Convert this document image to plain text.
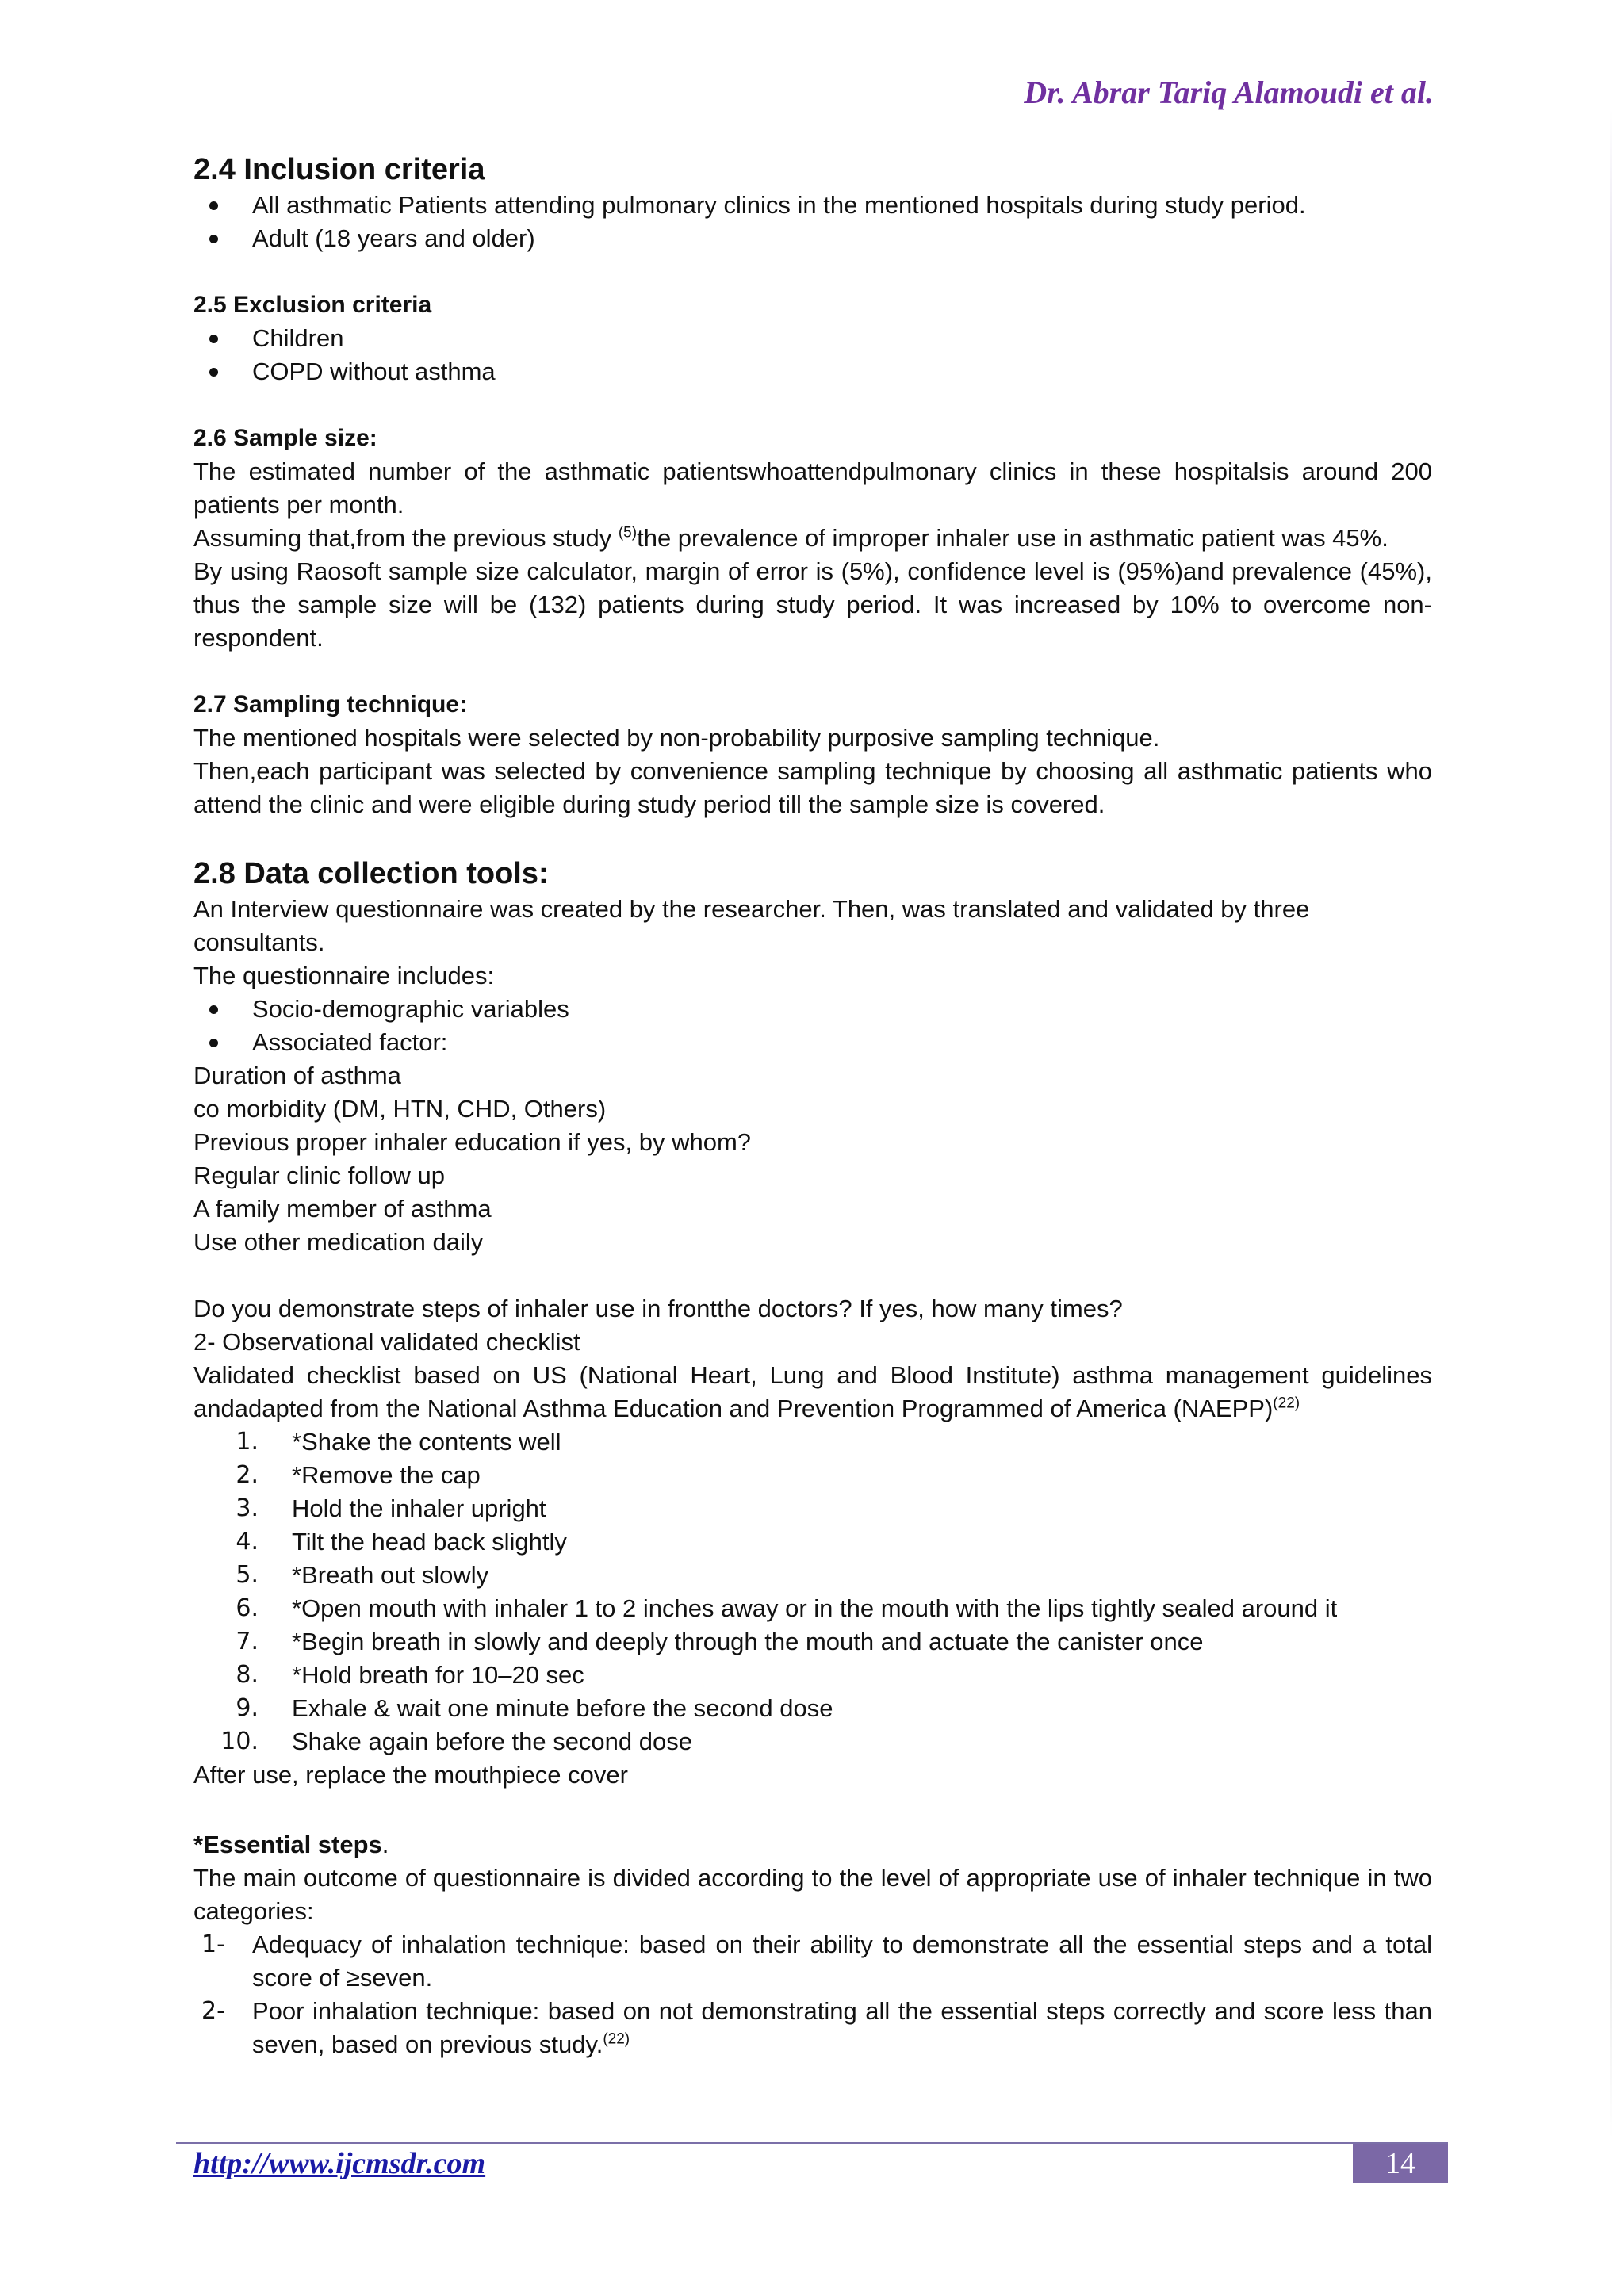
Dr. Abrar Tariq Alamoudi et al.
2.4 Inclusion criteria
All asthmatic Patients attending pulmonary clinics in the mentioned hospitals during study period.
Adult (18 years and older)
2.5 Exclusion criteria
Children
COPD without asthma
2.6 Sample size:

The estimated number of the asthmatic patientswhoattendpulmonary clinics in these hospitalsis around 200 patients per month.

Assuming that,from the previous study $^{(5)}$the prevalence of improper inhaler use in asthmatic patient was 45%.

By using Raosoft sample size calculator, margin of error is (5%), confidence level is (95%)and prevalence (45%), thus the sample size will be (132) patients during study period. It was increased by 10% to overcome non-respondent.

2.7 Sampling technique:

The mentioned hospitals were selected by non-probability purposive sampling technique.

Then,each participant was selected by convenience sampling technique by choosing all asthmatic patients who attend the clinic and were eligible during study period till the sample size is covered.

2.8 Data collection tools:

An Interview questionnaire was created by the researcher. Then, was translated and validated by three consultants.

The questionnaire includes:

Socio-demographic variables
Associated factor:

Duration of asthma

co morbidity (DM, HTN, CHD, Others)

Previous proper inhaler education if yes, by whom?

Regular clinic follow up

A family member of asthma

Use other medication daily

Do you demonstrate steps of inhaler use in frontthe doctors? If yes, how many times?

2- Observational validated checklist

Validated checklist based on US (National Heart, Lung and Blood Institute) asthma management guidelines andadapted from the National Asthma Education and Prevention Programmed of America (NAEPP)$^{(22)}$

1. *Shake the contents well
2. *Remove the cap
3. Hold the inhaler upright
4. Tilt the head back slightly
5. *Breath out slowly
6. *Open mouth with inhaler 1 to 2 inches away or in the mouth with the lips tightly sealed around it
7. *Begin breath in slowly and deeply through the mouth and actuate the canister once
8. *Hold breath for 10–20 sec
9. Exhale & wait one minute before the second dose
10. Shake again before the second dose

After use, replace the mouthpiece cover

*Essential steps.

The main outcome of questionnaire is divided according to the level of appropriate use of inhaler technique in two categories:

1- Adequacy of inhalation technique: based on their ability to demonstrate all the essential steps and a total score of ≥seven.
2- Poor inhalation technique: based on not demonstrating all the essential steps correctly and score less than seven, based on previous study.$^{(22)}$
http://www.ijcmsdr.com	14
